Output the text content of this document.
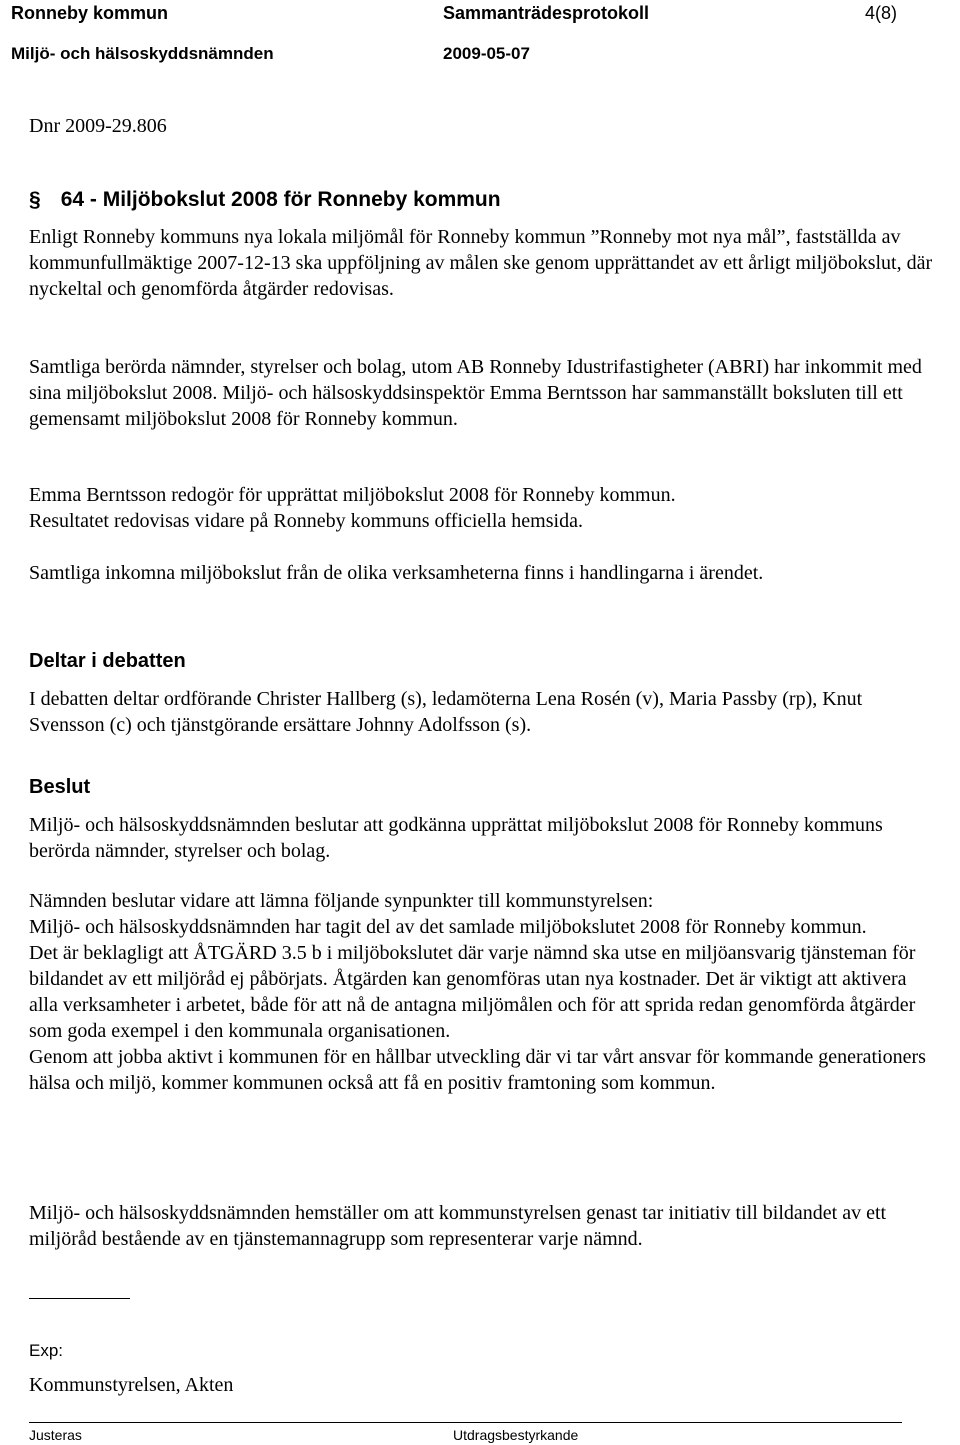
Ronneby kommun	Sammanträdesprotokoll	4(8)
Miljö- och hälsoskyddsnämnden	2009-05-07
Dnr 2009-29.806
§ 64 - Miljöbokslut 2008 för Ronneby kommun

Enligt Ronneby kommuns nya lokala miljömål för Ronneby kommun ”Ronneby mot nya mål”, fastställda av kommunfullmäktige 2007-12-13 ska uppföljning av målen ske genom upprättandet av ett årligt miljöbokslut, där nyckeltal och genomförda åtgärder redovisas.

Samtliga berörda nämnder, styrelser och bolag, utom AB Ronneby Idustrifastigheter (ABRI) har inkommit med sina miljöbokslut 2008. Miljö- och hälsoskyddsinspektör Emma Berntsson har sammanställt boksluten till ett gemensamt miljöbokslut 2008 för Ronneby kommun.

Emma Berntsson redogör för upprättat miljöbokslut 2008 för Ronneby kommun.

Resultatet redovisas vidare på Ronneby kommuns officiella hemsida.

Samtliga inkomna miljöbokslut från de olika verksamheterna finns i handlingarna i ärendet.

Deltar i debatten

I debatten deltar ordförande Christer Hallberg (s), ledamöterna Lena Rosén (v), Maria Passby (rp), Knut Svensson (c) och tjänstgörande ersättare Johnny Adolfsson (s).

Beslut

Miljö- och hälsoskyddsnämnden beslutar att godkänna upprättat miljöbokslut 2008 för Ronneby kommuns berörda nämnder, styrelser och bolag.

Nämnden beslutar vidare att lämna följande synpunkter till kommunstyrelsen:

Miljö- och hälsoskyddsnämnden har tagit del av det samlade miljöbokslutet 2008 för Ronneby kommun.

Det är beklagligt att ÅTGÄRD 3.5 b i miljöbokslutet där varje nämnd ska utse en miljöansvarig tjänsteman för bildandet av ett miljöråd ej påbörjats. Åtgärden kan genomföras utan nya kostnader. Det är viktigt att aktivera alla verksamheter i arbetet, både för att nå de antagna miljömålen och för att sprida redan genomförda åtgärder som goda exempel i den kommunala organisationen.

Genom att jobba aktivt i kommunen för en hållbar utveckling där vi tar vårt ansvar för kommande generationers hälsa och miljö, kommer kommunen också att få en positiv framtoning som kommun.

Miljö- och hälsoskyddsnämnden hemställer om att kommunstyrelsen genast tar initiativ till bildandet av ett miljöråd bestående av en tjänstemannagrupp som representerar varje nämnd.

Exp:
Kommunstyrelsen, Akten
Justeras	Utdragsbestyrkande
